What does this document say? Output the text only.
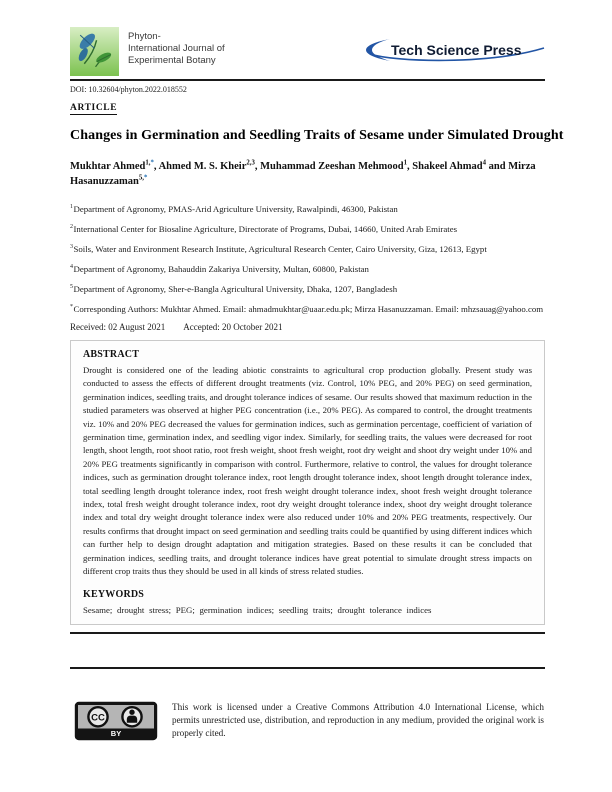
Phyton-
International Journal of
Experimental Botany
Tech Science Press
DOI: 10.32604/phyton.2022.018552
ARTICLE
Changes in Germination and Seedling Traits of Sesame under Simulated Drought
Mukhtar Ahmed$^{1,*}$, Ahmed M. S. Kheir$^{2,3}$, Muhammad Zeeshan Mehmood$^1$, Shakeel Ahmad$^4$ and Mirza Hasanuzzaman$^{5,*}$
$^1$Department of Agronomy, PMAS-Arid Agriculture University, Rawalpindi, 46300, Pakistan
$^2$International Center for Biosaline Agriculture, Directorate of Programs, Dubai, 14660, United Arab Emirates
$^3$Soils, Water and Environment Research Institute, Agricultural Research Center, Cairo University, Giza, 12613, Egypt
$^4$Department of Agronomy, Bahauddin Zakariya University, Multan, 60800, Pakistan
$^5$Department of Agronomy, Sher-e-Bangla Agricultural University, Dhaka, 1207, Bangladesh
*Corresponding Authors: Mukhtar Ahmed. Email: ahmadmukhtar@uaar.edu.pk; Mirza Hasanuzzaman. Email: mhzsauag@yahoo.com
Received: 02 August 2021 Accepted: 20 October 2021
ABSTRACT
Drought is considered one of the leading abiotic constraints to agricultural crop production globally. Present study was conducted to assess the effects of different drought treatments (viz. Control, 10% PEG, and 20% PEG) on seed germination, germination indices, seedling traits, and drought tolerance indices of sesame. Our results showed that maximum reduction in the studied parameters was observed at higher PEG concentration (i.e., 20% PEG). As compared to control, the drought treatments viz. 10% and 20% PEG decreased the values for germination indices, such as germination percentage, coefficient of variation of germination time, germination index, and seedling vigor index. Similarly, for seedling traits, the values were decreased for root length, shoot length, root shoot ratio, root fresh weight, shoot fresh weight, root dry weight and shoot dry weight under 10% and 20% PEG treatments significantly in comparison with control. Furthermore, relative to control, the values for drought tolerance indices, such as germination drought tolerance index, root length drought tolerance index, shoot length drought tolerance index, total seedling length drought tolerance index, root fresh weight drought tolerance index, shoot fresh weight drought tolerance index, total fresh weight drought tolerance index, root dry weight drought tolerance index, shoot dry weight drought tolerance index and total dry weight drought tolerance index were also reduced under 10% and 20% PEG treatments, respectively. Our results confirms that drought impact on seed germination and seedling traits could be quantified by using different indices which can further help to design drought adaptation and mitigation strategies. Based on these results it can be concluded that germination indices, seedling traits, and drought tolerance indices have great potential to simulate drought stress impacts on different crop traits thus they should be used in all kinds of stress related studies.
KEYWORDS
Sesame; drought stress; PEG; germination indices; seedling traits; drought tolerance indices
CC
BY
This work is licensed under a Creative Commons Attribution 4.0 International License, which permits unrestricted use, distribution, and reproduction in any medium, provided the original work is properly cited.
